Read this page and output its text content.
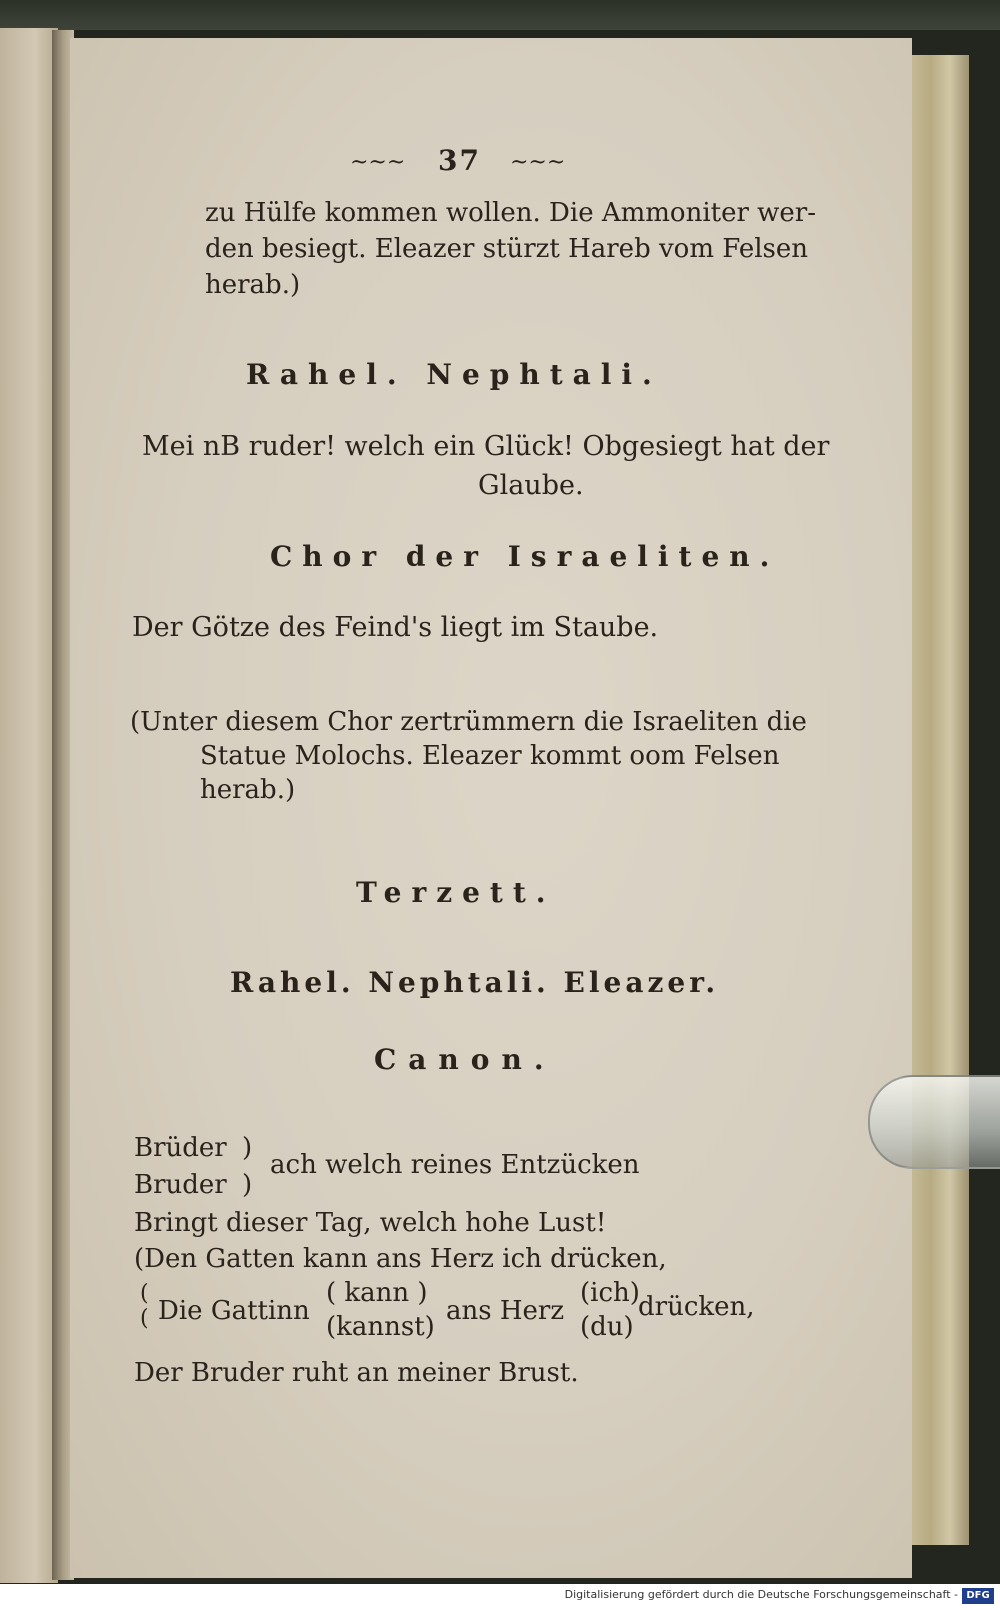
~~~ 37 ~~~
zu Hülfe kommen wollen. Die Ammoniter wer-
den besiegt. Eleazer stürzt Hareb vom Felsen
herab.)
Rahel. Nephtali.
Mei nB ruder! welch ein Glück! Obgesiegt hat der
Glaube.
Chor der Israeliten.
Der Götze des Feind's liegt im Staube.
(Unter diesem Chor zertrümmern die Israeliten die
Statue Molochs. Eleazer kommt oom Felsen
herab.)
Terzett.
Rahel. Nephtali. Eleazer.
Canon.
Brüder
Bruder
)
)
ach welch reines Entzücken
Bringt dieser Tag, welch hohe Lust!
(Den Gatten kann ans Herz ich drücken,
(
( Die Gattinn
( kann )
(kannst)
ans Herz
(ich)
(du)
drücken,
Der Bruder ruht an meiner Brust.
Digitalisierung gefördert durch die Deutsche Forschungsgemeinschaft - DFG
